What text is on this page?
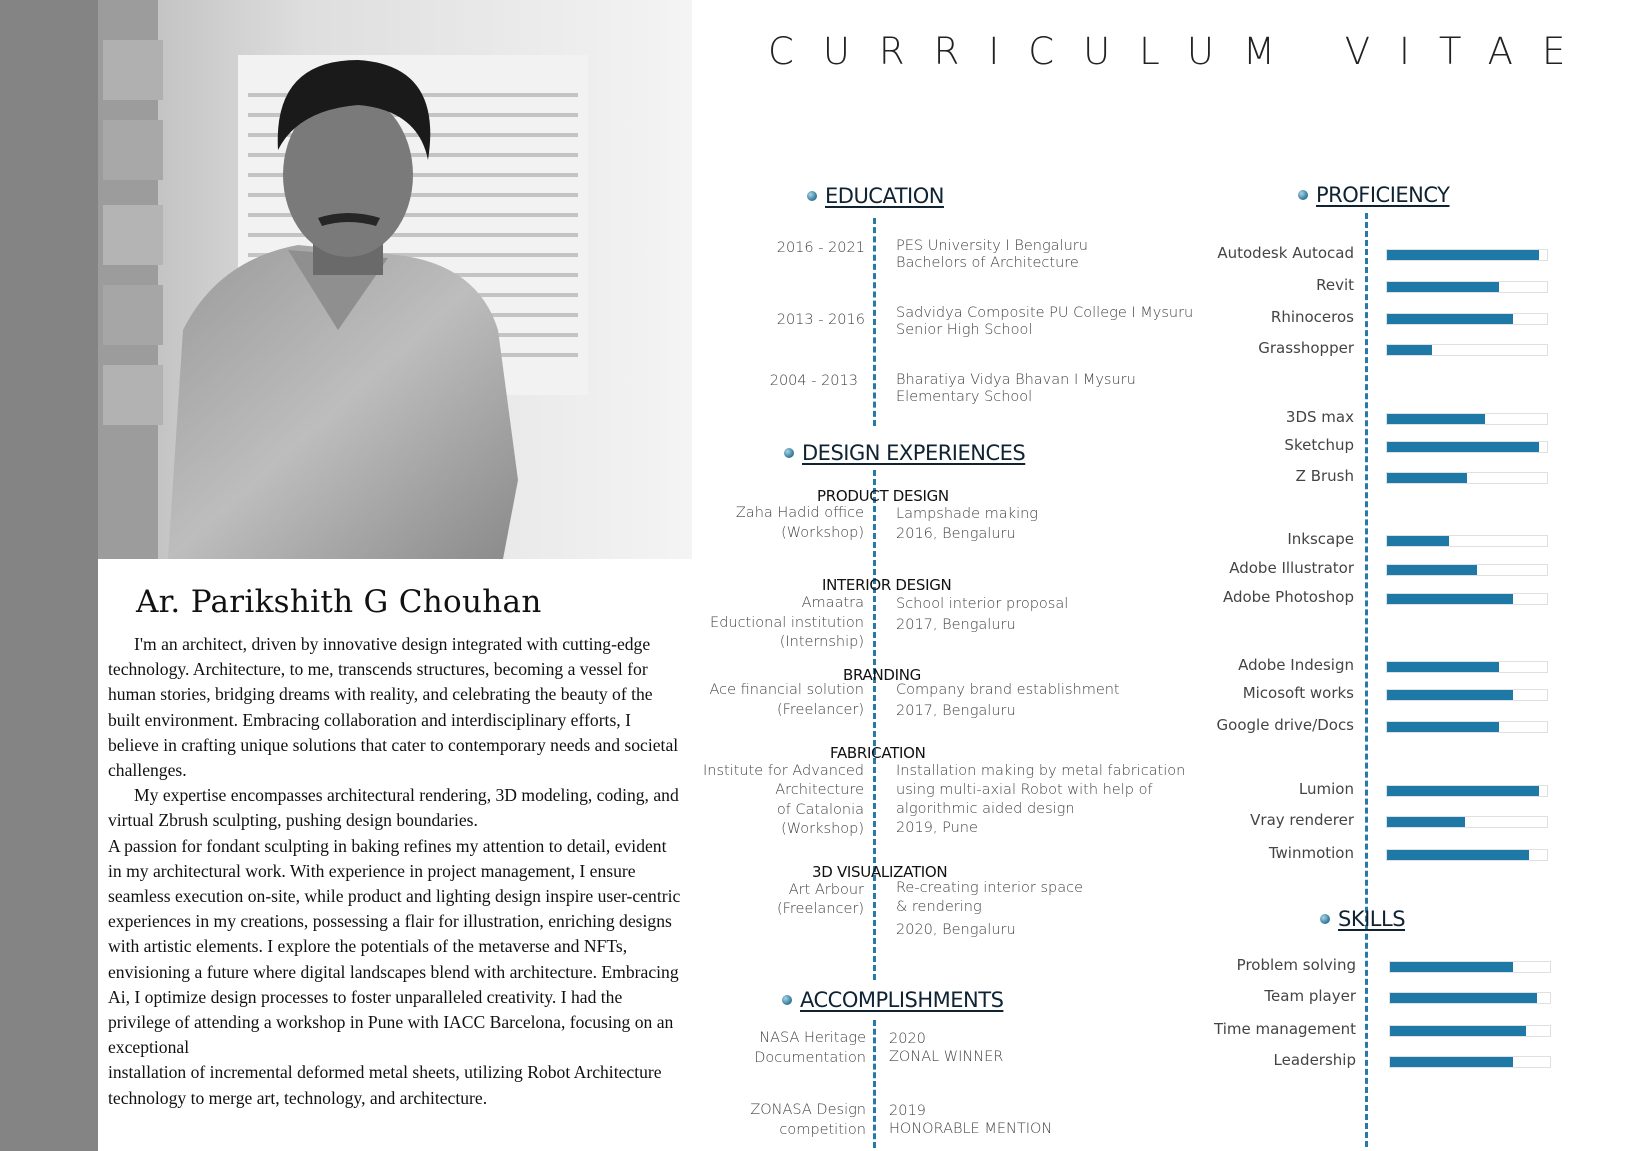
Ar. Parikshith G Chouhan

I'm an architect, driven by innovative design integrated with cutting-edge technology. Architecture, to me, transcends structures, becoming a vessel for human stories, bridging dreams with reality, and celebrating the beauty of the built environment. Embracing collaboration and interdisciplinary efforts, I believe in crafting unique solutions that cater to contemporary needs and societal challenges.

My expertise encompasses architectural rendering, 3D modeling, coding, and virtual Zbrush sculpting, pushing design boundaries.

A passion for fondant sculpting in baking refines my attention to detail, evident in my architectural work. With experience in project management, I ensure seamless execution on-site, while product and lighting design inspire user-centric experiences in my creations, possessing a flair for illustration, enriching designs with artistic elements. I explore the potentials of the metaverse and NFTs, envisioning a future where digital landscapes blend with architecture. Embracing Ai, I optimize design processes to foster unparalleled creativity. I had the privilege of attending a workshop in Pune with IACC Barcelona, focusing on an exceptional

installation of incremental deformed metal sheets, utilizing Robot Architecture technology to merge art, technology, and architecture.

CURRICULUM VITAE
EDUCATION
2016 - 2021 PES University I Bengaluru
Bachelors of Architecture
2013 - 2016 Sadvidya Composite PU College I Mysuru
Senior High School
2004 - 2013	Bharatiya Vidya Bhavan I Mysuru
Elementary School
DESIGN EXPERIENCES
PRODUCT DESIGN
Zaha Hadid office
(Workshop)
Lampshade making
2016, Bengaluru
INTERIOR DESIGN
Amaatra
Eductional institution
(Internship)
School interior proposal
2017, Bengaluru
BRANDING
Ace financial solution
(Freelancer)
Company brand establishment
2017, Bengaluru
FABRICATION
Institute for Advanced
Architecture
of Catalonia
(Workshop)
Installation making by metal fabrication
using multi-axial Robot with help of
algorithmic aided design
2019, Pune
3D VISUALIZATION
Art Arbour
(Freelancer)
Re-creating interior space
& rendering
2020, Bengaluru
ACCOMPLISHMENTS
NASA Heritage
Documentation
2020
ZONAL WINNER
ZONASA Design
competition
2019
HONORABLE MENTION
PROFICIENCY
Autodesk Autocad
Revit
Rhinoceros
Grasshopper
3DS max
Sketchup
Z Brush
Inkscape
Adobe Illustrator
Adobe Photoshop
Adobe Indesign
Micosoft works
Google drive/Docs
Lumion
Vray renderer
Twinmotion
SKILLS
Problem solving
Team player
Time management
Leadership
